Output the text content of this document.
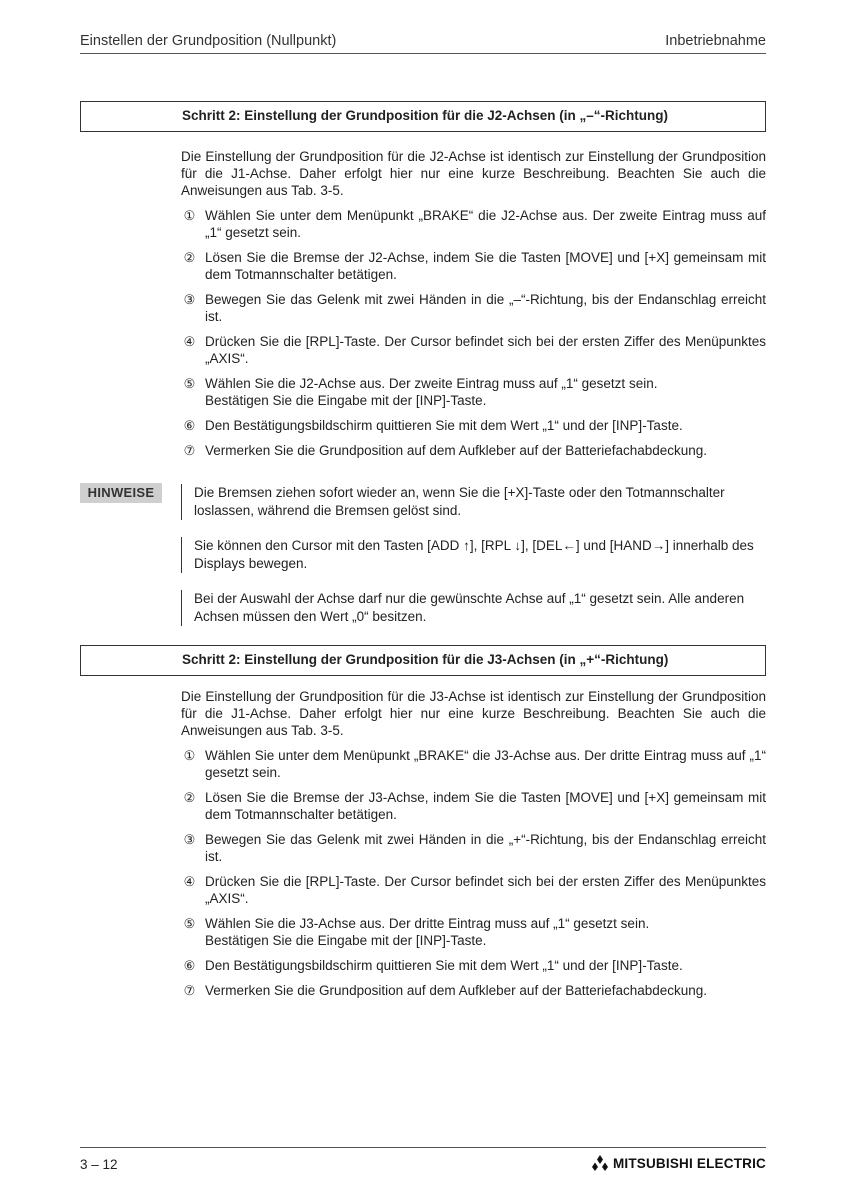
Einstellen der Grundposition (Nullpunkt)	Inbetriebnahme
Schritt 2: Einstellung der Grundposition für die J2-Achsen (in „–“-Richtung)

Die Einstellung der Grundposition für die J2-Achse ist identisch zur Einstellung der Grundposition für die J1-Achse. Daher erfolgt hier nur eine kurze Beschreibung. Beachten Sie auch die Anweisungen aus Tab. 3-5.

① Wählen Sie unter dem Menüpunkt „BRAKE“ die J2-Achse aus. Der zweite Eintrag muss auf „1“ gesetzt sein.
② Lösen Sie die Bremse der J2-Achse, indem Sie die Tasten [MOVE] und [+X] gemeinsam mit dem Totmannschalter betätigen.
③ Bewegen Sie das Gelenk mit zwei Händen in die „–“-Richtung, bis der Endanschlag erreicht ist.
④ Drücken Sie die [RPL]-Taste. Der Cursor befindet sich bei der ersten Ziffer des Menüpunktes „AXIS“.
⑤ Wählen Sie die J2-Achse aus. Der zweite Eintrag muss auf „1“ gesetzt sein.
Bestätigen Sie die Eingabe mit der [INP]-Taste.
⑥ Den Bestätigungsbildschirm quittieren Sie mit dem Wert „1“ und der [INP]-Taste.
⑦ Vermerken Sie die Grundposition auf dem Aufkleber auf der Batteriefachabdeckung.
HINWEISE	Die Bremsen ziehen sofort wieder an, wenn Sie die [+X]-Taste oder den Totmannschalter loslassen, während die Bremsen gelöst sind.
Sie können den Cursor mit den Tasten [ADD ↑], [RPL ↓], [DEL←] und [HAND→] innerhalb des Displays bewegen.
Bei der Auswahl der Achse darf nur die gewünschte Achse auf „1“ gesetzt sein. Alle anderen Achsen müssen den Wert „0“ besitzen.
Schritt 2: Einstellung der Grundposition für die J3-Achsen (in „+“-Richtung)

Die Einstellung der Grundposition für die J3-Achse ist identisch zur Einstellung der Grundposition für die J1-Achse. Daher erfolgt hier nur eine kurze Beschreibung. Beachten Sie auch die Anweisungen aus Tab. 3-5.

① Wählen Sie unter dem Menüpunkt „BRAKE“ die J3-Achse aus. Der dritte Eintrag muss auf „1“ gesetzt sein.
② Lösen Sie die Bremse der J3-Achse, indem Sie die Tasten [MOVE] und [+X] gemeinsam mit dem Totmannschalter betätigen.
③ Bewegen Sie das Gelenk mit zwei Händen in die „+“-Richtung, bis der Endanschlag erreicht ist.
④ Drücken Sie die [RPL]-Taste. Der Cursor befindet sich bei der ersten Ziffer des Menüpunktes „AXIS“.
⑤ Wählen Sie die J3-Achse aus. Der dritte Eintrag muss auf „1“ gesetzt sein.
Bestätigen Sie die Eingabe mit der [INP]-Taste.
⑥ Den Bestätigungsbildschirm quittieren Sie mit dem Wert „1“ und der [INP]-Taste.
⑦ Vermerken Sie die Grundposition auf dem Aufkleber auf der Batteriefachabdeckung.
3 – 12	MITSUBISHI ELECTRIC
